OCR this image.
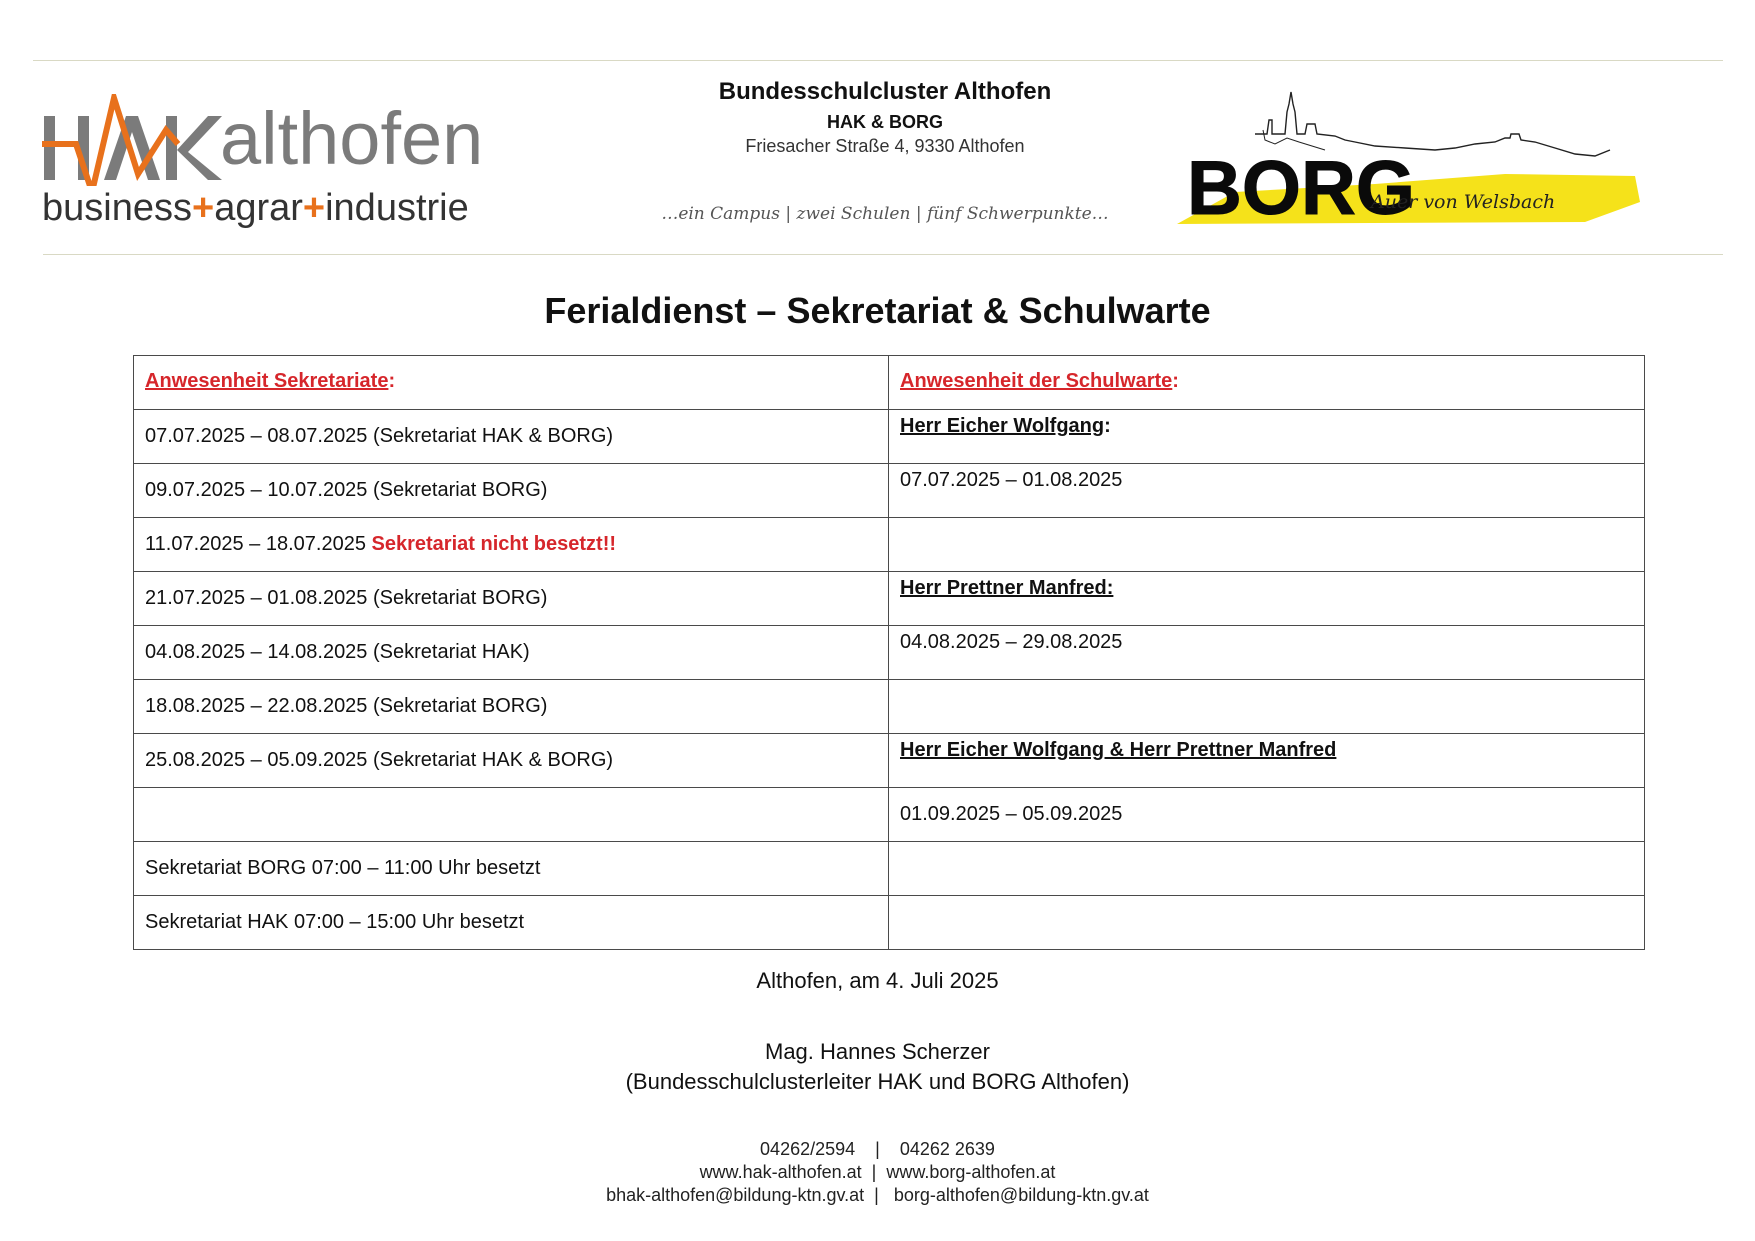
althofen
business+agrar+industrie
Bundesschulcluster Althofen
HAK & BORG
Friesacher Straße 4, 9330 Althofen
…ein Campus | zwei Schulen | fünf Schwerpunkte…	BORG
Auer von Welsbach
Ferialdienst – Sekretariat & Schulwarte
Anwesenheit Sekretariate:	Anwesenheit der Schulwarte:
07.07.2025 – 08.07.2025 (Sekretariat HAK & BORG)	Herr Eicher Wolfgang:
09.07.2025 – 10.07.2025 (Sekretariat BORG)	07.07.2025 – 01.08.2025
11.07.2025 – 18.07.2025 Sekretariat nicht besetzt!!	
21.07.2025 – 01.08.2025 (Sekretariat BORG)	Herr Prettner Manfred:
04.08.2025 – 14.08.2025 (Sekretariat HAK)	04.08.2025 – 29.08.2025
18.08.2025 – 22.08.2025 (Sekretariat BORG)	
25.08.2025 – 05.09.2025 (Sekretariat HAK & BORG)	Herr Eicher Wolfgang & Herr Prettner Manfred
	01.09.2025 – 05.09.2025
Sekretariat BORG 07:00 – 11:00 Uhr besetzt	
Sekretariat HAK 07:00 – 15:00 Uhr besetzt	
Althofen, am 4. Juli 2025
Mag. Hannes Scherzer
(Bundesschulclusterleiter HAK und BORG Althofen)
04262/2594    |    04262 2639
www.hak-althofen.at  |  www.borg-althofen.at
bhak-althofen@bildung-ktn.gv.at  |   borg-althofen@bildung-ktn.gv.at
